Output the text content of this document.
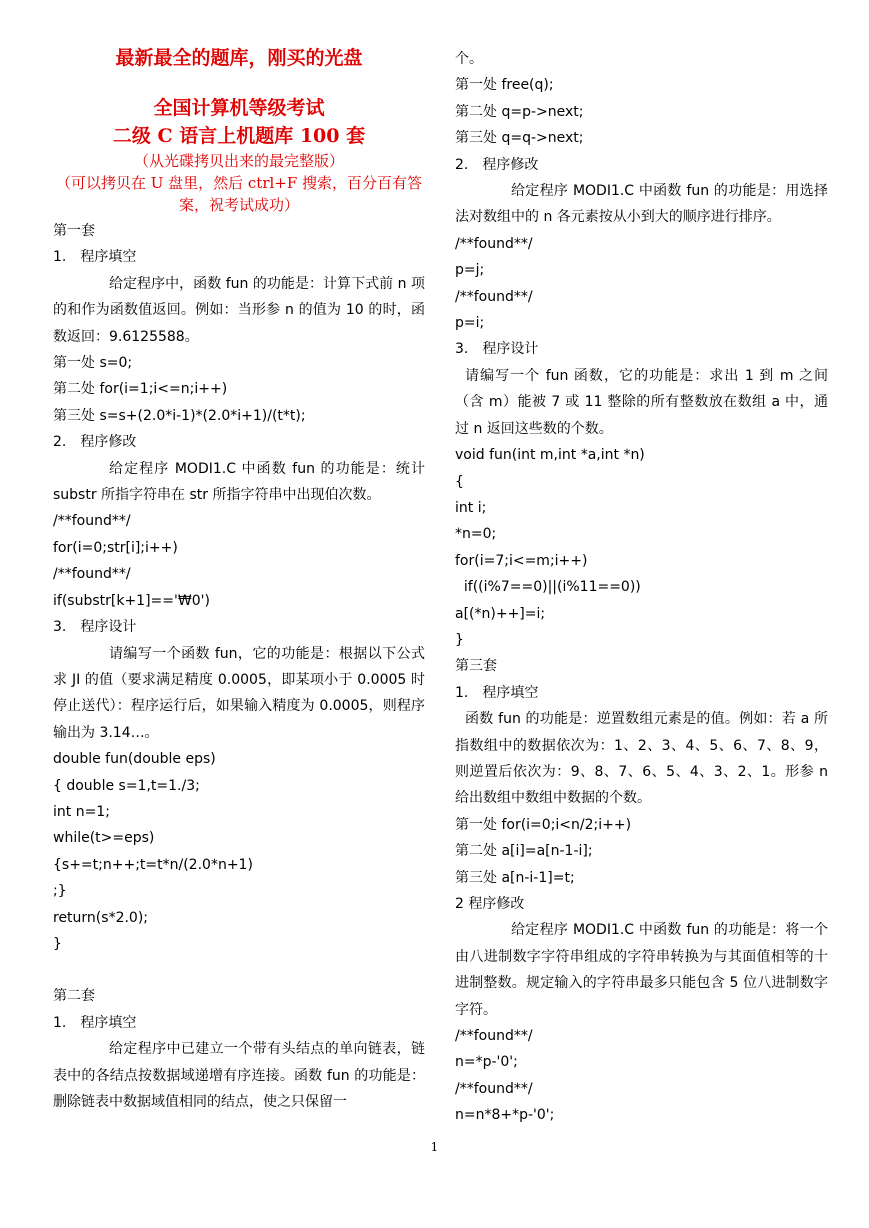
最新最全的题库，刚买的光盘
全国计算机等级考试
二级 C 语言上机题库 100 套
（从光碟拷贝出来的最完整版）
（可以拷贝在 U 盘里，然后 ctrl+F 搜索，百分百有答案，祝考试成功）
第一套
1.　程序填空

给定程序中，函数 fun 的功能是：计算下式前 n 项的和作为函数值返回。例如：当形参 n 的值为 10 的时，函数返回：9.6125588。

第一处 s=0;
第二处 for(i=1;i<=n;i++)
第三处 s=s+(2.0*i-1)*(2.0*i+1)/(t*t);
2.　程序修改

给定程序 MODI1.C 中函数 fun 的功能是：统计 substr 所指字符串在 str 所指字符串中出现伯次数。

/**found**/
for(i=0;str[i];i++)
/**found**/
if(substr[k+1]=='₩0')
3.　程序设计

请编写一个函数 fun，它的功能是：根据以下公式求 JI 的值（要求满足精度 0.0005，即某项小于 0.0005 时停止送代）：程序运行后，如果输入精度为 0.0005，则程序输出为 3.14…。

double fun(double eps)
{ double s=1,t=1./3;
int n=1;
while(t>=eps)
{s+=t;n++;t=t*n/(2.0*n+1)
;}
return(s*2.0);
}
第二套
1.　程序填空

给定程序中已建立一个带有头结点的单向链表，链表中的各结点按数据域递增有序连接。函数 fun 的功能是：删除链表中数据域值相同的结点，使之只保留一

个。
第一处 free(q);
第二处 q=p->next;
第三处 q=q->next;
2.　程序修改

给定程序 MODI1.C 中函数 fun 的功能是：用选择法对数组中的 n 各元素按从小到大的顺序进行排序。

/**found**/
p=j;
/**found**/
p=i;
3.　程序设计

请编写一个 fun 函数，它的功能是：求出 1 到 m 之间（含 m）能被 7 或 11 整除的所有整数放在数组 a 中，通过 n 返回这些数的个数。

void fun(int m,int *a,int *n)
{
int i;
*n=0;
for(i=7;i<=m;i++)
if((i%7==0)||(i%11==0))
a[(*n)++]=i;
}
第三套
1.　程序填空

函数 fun 的功能是：逆置数组元素是的值。例如：若 a 所指数组中的数据依次为：1、2、3、4、5、6、7、8、9，则逆置后依次为：9、8、7、6、5、4、3、2、1。形参 n 给出数组中数组中数据的个数。

第一处 for(i=0;i<n/2;i++)
第二处 a[i]=a[n-1-i];
第三处 a[n-i-1]=t;
2 程序修改

给定程序 MODI1.C 中函数 fun 的功能是：将一个由八进制数字字符串组成的字符串转换为与其面值相等的十进制整数。规定输入的字符串最多只能包含 5 位八进制数字字符。

/**found**/
n=*p-'0';
/**found**/
n=n*8+*p-'0';
1
